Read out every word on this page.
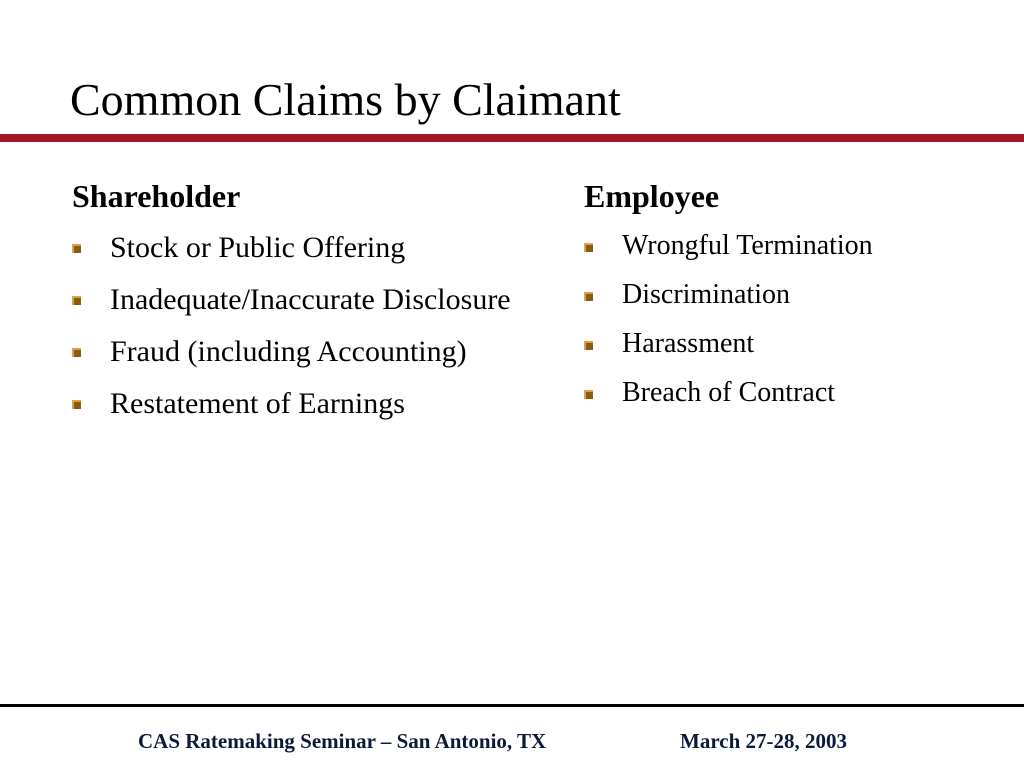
Common Claims by Claimant
Shareholder
Stock or Public Offering
Inadequate/Inaccurate Disclosure
Fraud (including Accounting)
Restatement of Earnings
Employee
Wrongful Termination
Discrimination
Harassment
Breach of Contract
CAS Ratemaking Seminar – San Antonio, TX	March 27-28, 2003
